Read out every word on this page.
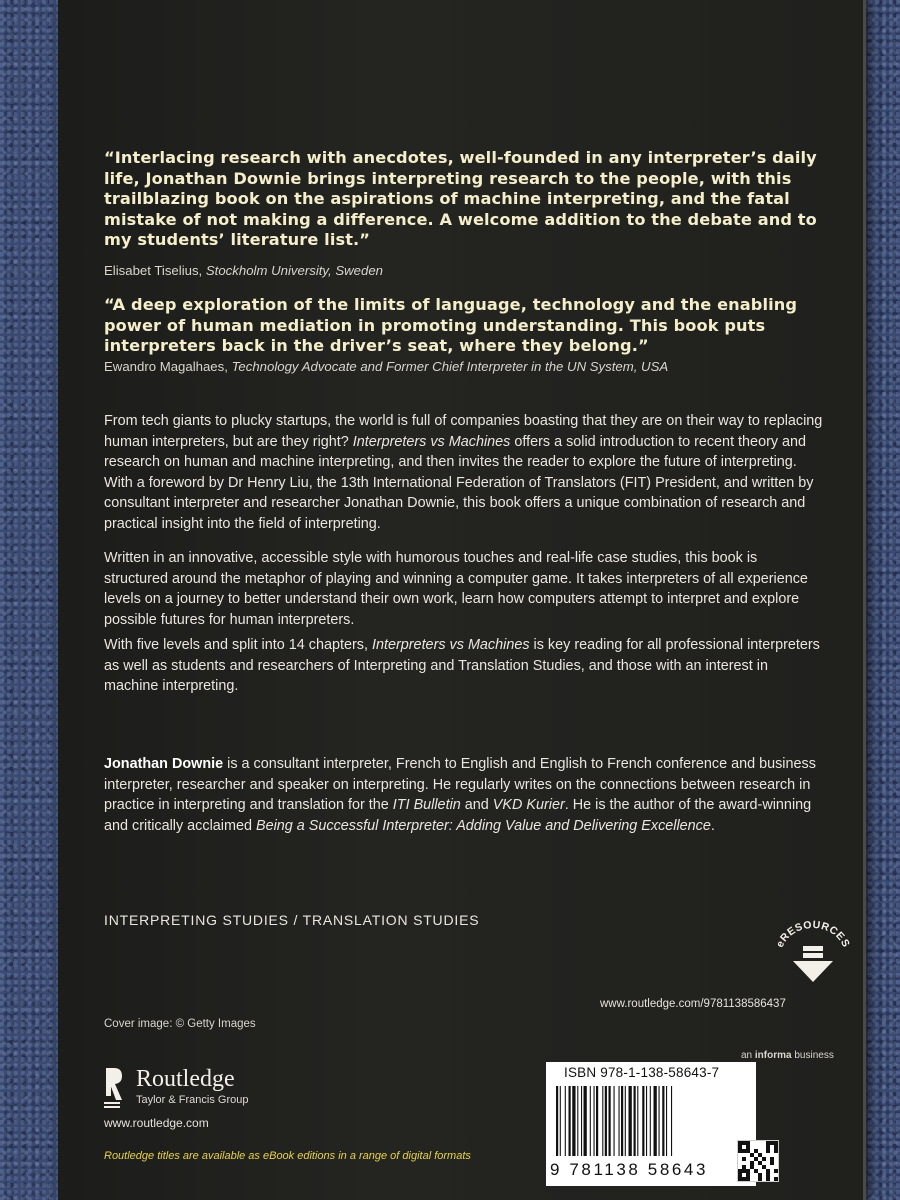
“Interlacing research with anecdotes, well-founded in any interpreter’s daily life, Jonathan Downie brings interpreting research to the people, with this trailblazing book on the aspirations of machine interpreting, and the fatal mistake of not making a difference. A welcome addition to the debate and to my students’ literature list.”
Elisabet Tiselius, Stockholm University, Sweden
“A deep exploration of the limits of language, technology and the enabling power of human mediation in promoting understanding. This book puts interpreters back in the driver’s seat, where they belong.”
Ewandro Magalhaes, Technology Advocate and Former Chief Interpreter in the UN System, USA
From tech giants to plucky startups, the world is full of companies boasting that they are on their way to replacing human interpreters, but are they right? Interpreters vs Machines offers a solid introduction to recent theory and research on human and machine interpreting, and then invites the reader to explore the future of interpreting. With a foreword by Dr Henry Liu, the 13th International Federation of Translators (FIT) President, and written by consultant interpreter and researcher Jonathan Downie, this book offers a unique combination of research and practical insight into the field of interpreting.
Written in an innovative, accessible style with humorous touches and real-life case studies, this book is structured around the metaphor of playing and winning a computer game. It takes interpreters of all experience levels on a journey to better understand their own work, learn how computers attempt to interpret and explore possible futures for human interpreters.
With five levels and split into 14 chapters, Interpreters vs Machines is key reading for all professional interpreters as well as students and researchers of Interpreting and Translation Studies, and those with an interest in machine interpreting.
Jonathan Downie is a consultant interpreter, French to English and English to French conference and business interpreter, researcher and speaker on interpreting. He regularly writes on the connections between research in practice in interpreting and translation for the ITI Bulletin and VKD Kurier. He is the author of the award-winning and critically acclaimed Being a Successful Interpreter: Adding Value and Delivering Excellence.
INTERPRETING STUDIES / TRANSLATION STUDIES
eRESOURCES
www.routledge.com/9781138586437
Cover image: © Getty Images
Routledge
Taylor & Francis Group
www.routledge.com
Routledge titles are available as eBook editions in a range of digital formats
an informa business
ISBN 978-1-138-58643-7
9 781138 58643
